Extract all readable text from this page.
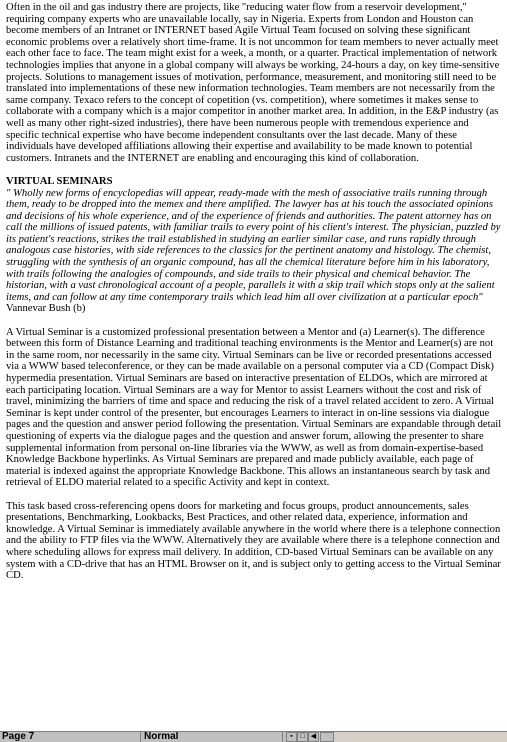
Often in the oil and gas industry there are projects, like "reducing water flow from a reservoir development," requiring company experts who are unavailable locally, say in Nigeria. Experts from London and Houston can become members of an Intranet or INTERNET based Agile Virtual Team focused on solving these significant economic problems over a relatively short time-frame. It is not uncommon for team members to never actually meet each other face to face. The team might exist for a week, a month, or a quarter. Practical implementation of network technologies implies that anyone in a global company will always be working, 24-hours a day, on key time-sensitive projects. Solutions to management issues of motivation, performance, measurement, and monitoring still need to be translated into implementations of these new information technologies. Team members are not necessarily from the same company. Texaco refers to the concept of copetition (vs. competition), where sometimes it makes sense to collaborate with a company which is a major competitor in another market area. In addition, in the E&P industry (as well as many other right-sized industries), there have been numerous people with tremendous experience and specific technical expertise who have become independent consultants over the last decade. Many of these individuals have developed affiliations allowing their expertise and availability to be made known to potential customers. Intranets and the INTERNET are enabling and encouraging this kind of collaboration.

VIRTUAL SEMINARS

" Wholly new forms of encyclopedias will appear, ready-made with the mesh of associative trails running through them, ready to be dropped into the memex and there amplified. The lawyer has at his touch the associated opinions and decisions of his whole experience, and of the experience of friends and authorities. The patent attorney has on call the millions of issued patents, with familiar trails to every point of his client's interest. The physician, puzzled by its patient's reactions, strikes the trail established in studying an earlier similar case, and runs rapidly through analogous case histories, with side references to the classics for the pertinent anatomy and histology. The chemist, struggling with the synthesis of an organic compound, has all the chemical literature before him in his laboratory, with trails following the analogies of compounds, and side trails to their physical and chemical behavior. The historian, with a vast chronological account of a people, parallels it with a skip trail which stops only at the salient items, and can follow at any time contemporary trails which lead him all over civilization at a particular epoch"

Vannevar Bush (b)

A Virtual Seminar is a customized professional presentation between a Mentor and (a) Learner(s). The difference between this form of Distance Learning and traditional teaching environments is the Mentor and Learner(s) are not in the same room, nor necessarily in the same city. Virtual Seminars can be live or recorded presentations accessed via a WWW based teleconference, or they can be made available on a personal computer via a CD (Compact Disk) hypermedia presentation. Virtual Seminars are based on interactive presentation of ELDOs, which are mirrored at each participating location. Virtual Seminars are a way for Mentor to assist Learners without the cost and risk of travel, minimizing the barriers of time and space and reducing the risk of a travel related accident to zero. A Virtual Seminar is kept under control of the presenter, but encourages Learners to interact in on-line sessions via dialogue pages and the question and answer period following the presentation. Virtual Seminars are expandable through detail questioning of experts via the dialogue pages and the question and answer forum, allowing the presenter to share supplemental information from personal on-line libraries via the WWW, as well as from domain-expertise-based Knowledge Backbone hyperlinks. As Virtual Seminars are prepared and made publicly available, each page of material is indexed against the appropriate Knowledge Backbone. This allows an instantaneous search by task and retrieval of ELDO material related to a specific Activity and kept in context.

This task based cross-referencing opens doors for marketing and focus groups, product announcements, sales presentations, Benchmarking, Lookbacks, Best Practices, and other related data, experience, information and knowledge. A Virtual Seminar is immediately available anywhere in the world where there is a telephone connection and the ability to FTP files via the WWW. Alternatively they are available where there is a telephone connection and where scheduling allows for express mail delivery. In addition, CD-based Virtual Seminars can be available on any system with a CD-drive that has an HTML Browser on it, and is subject only to getting access to the Virtual Seminar CD.

Page 7	Normal	▪	□ ◀
